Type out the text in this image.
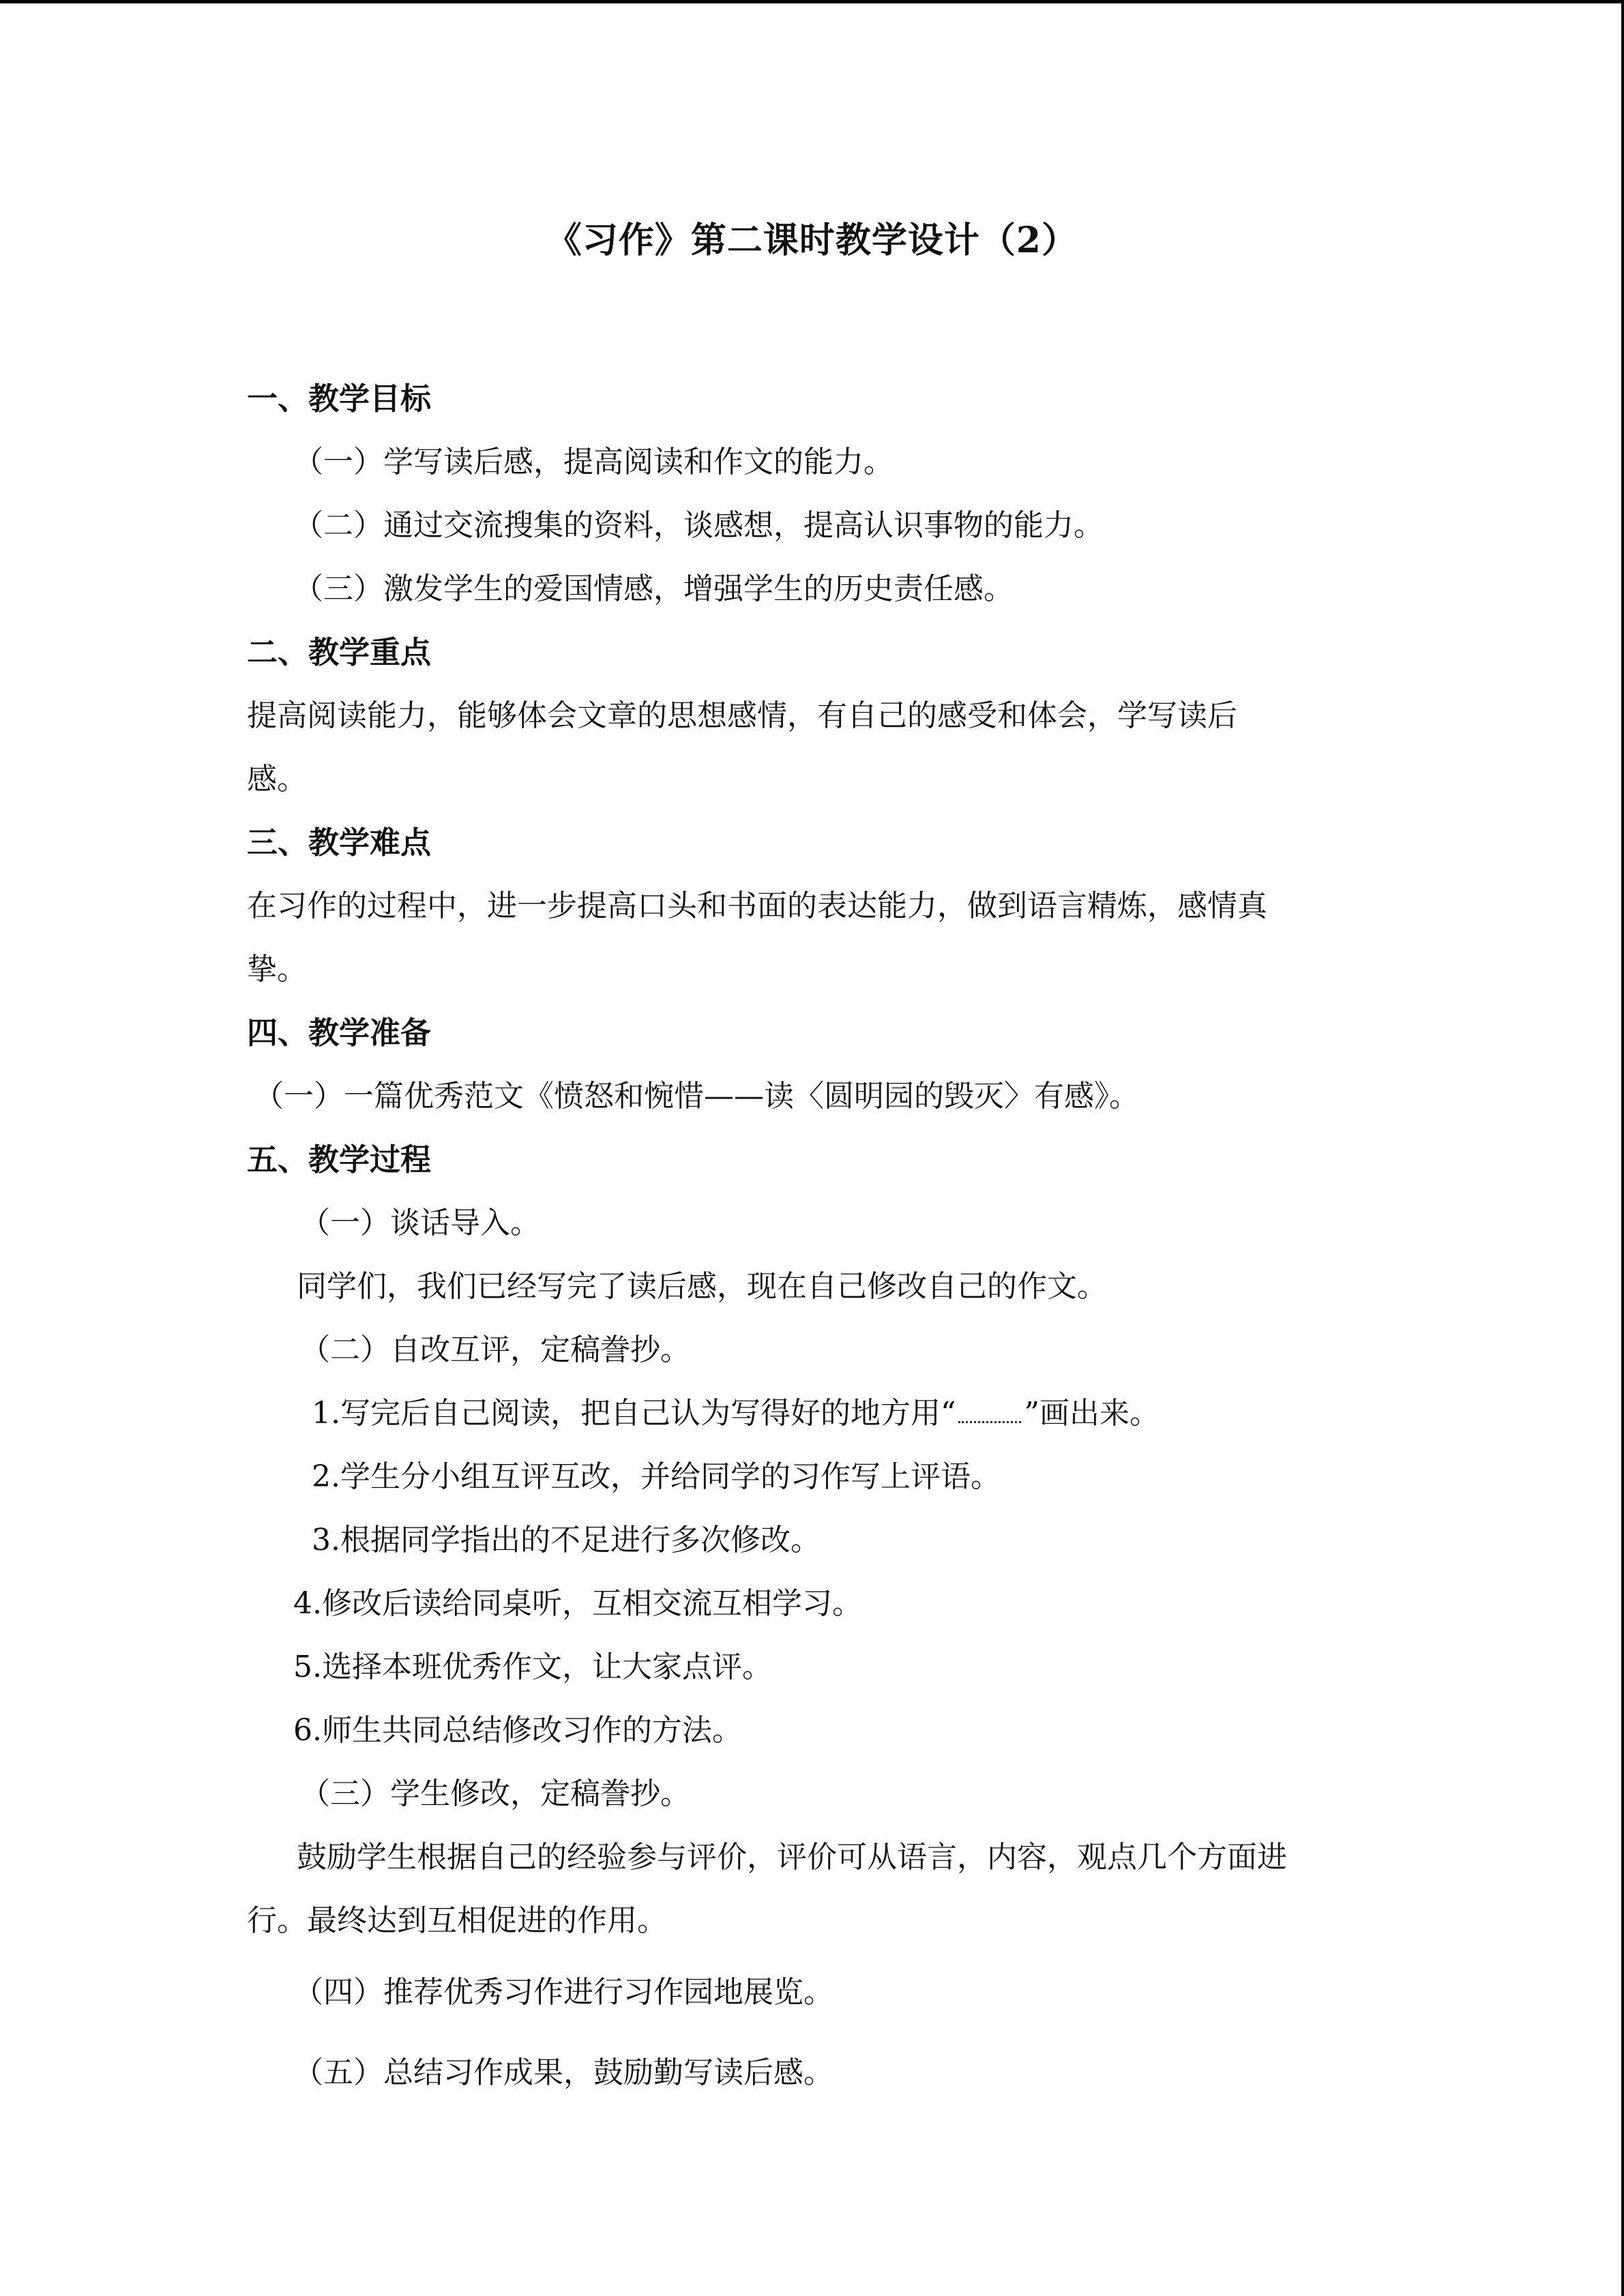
《习作》第二课时教学设计（2）
一、教学目标
（一）学写读后感，提高阅读和作文的能力。
（二）通过交流搜集的资料，谈感想，提高认识事物的能力。
（三）激发学生的爱国情感，增强学生的历史责任感。
二、教学重点
提高阅读能力，能够体会文章的思想感情，有自己的感受和体会，学写读后
感。
三、教学难点
在习作的过程中，进一步提高口头和书面的表达能力，做到语言精炼，感情真
挚。
四、教学准备
（一）一篇优秀范文《愤怒和惋惜——读〈圆明园的毁灭〉有感》。
五、教学过程
（一）谈话导入。
同学们，我们已经写完了读后感，现在自己修改自己的作文。
（二）自改互评，定稿誊抄。
1.写完后自己阅读，把自己认为写得好的地方用“ ”画出来。
2.学生分小组互评互改，并给同学的习作写上评语。
3.根据同学指出的不足进行多次修改。
4.修改后读给同桌听，互相交流互相学习。
5.选择本班优秀作文，让大家点评。
6.师生共同总结修改习作的方法。
（三）学生修改，定稿誊抄。
鼓励学生根据自己的经验参与评价，评价可从语言，内容，观点几个方面进
行。最终达到互相促进的作用。
（四）推荐优秀习作进行习作园地展览。
（五）总结习作成果，鼓励勤写读后感。
